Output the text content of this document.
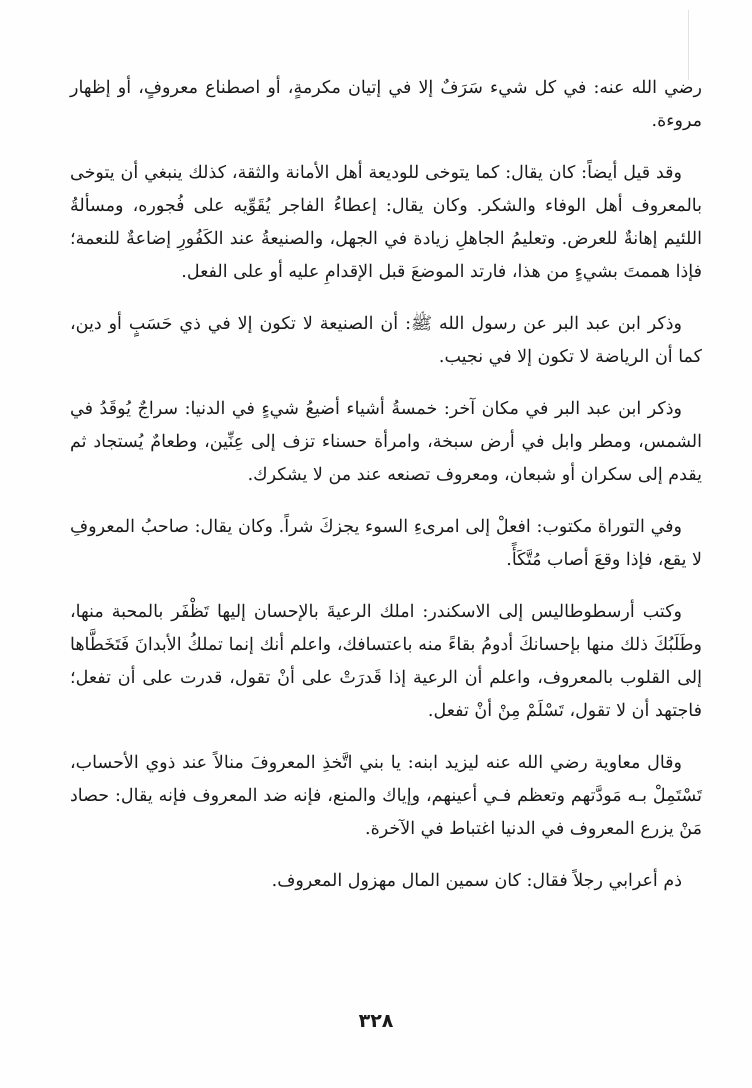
رضي الله عنه: في كل شيء سَرَفٌ إلا في إتيان مكرمةٍ، أو اصطناع معروفٍ، أو إظهار مروءة.

وقد قيل أيضاً: كان يقال: كما يتوخى للوديعة أهل الأمانة والثقة، كذلك ينبغي أن يتوخى بالمعروف أهل الوفاء والشكر. وكان يقال: إعطاءُ الفاجر يُقَوِّيه على فُجوره، ومسألةُ اللئيم إهانةٌ للعرض. وتعليمُ الجاهلِ زيادة في الجهل، والصنيعةُ عند الكَفُورِ إضاعةٌ للنعمة؛ فإذا هممتَ بشيءٍ من هذا، فارتد الموضعَ قبل الإقدامِ عليه أو على الفعل.

وذكر ابن عبد البر عن رسول الله ﷺ: أن الصنيعة لا تكون إلا في ذي حَسَبٍ أو دين، كما أن الرياضة لا تكون إلا في نجيب.

وذكر ابن عبد البر في مكان آخر: خمسةُ أشياء أضيعُ شيءٍ في الدنيا: سراجٌ يُوقَدُ في الشمس، ومطر وابل في أرض سبخة، وامرأة حسناء تزف إلى عِنِّين، وطعامٌ يُستجاد ثم يقدم إلى سكران أو شبعان، ومعروف تصنعه عند من لا يشكرك.

وفي التوراة مكتوب: افعلْ إلى امرىءِ السوء يجزكَ شراً. وكان يقال: صاحبُ المعروفِ لا يقع، فإذا وقعَ أصاب مُتَّكَأً.

وكتب أرسطوطاليس إلى الاسكندر: املك الرعيةَ بالإحسان إليها تَظْفَر بالمحبة منها، وطَلَبُكَ ذلك منها بإحسانكَ أدومُ بقاءً منه باعتسافك، واعلم أنك إنما تملكُ الأبدانَ فَتَخَطَّاها إلى القلوب بالمعروف، واعلم أن الرعية إذا قَدرَتْ على أنْ تقول، قدرت على أن تفعل؛ فاجتهد أن لا تقول، تَسْلَمْ مِنْ أنْ تفعل.

وقال معاوية رضي الله عنه ليزيد ابنه: يا بني اتَّخذِ المعروفَ منالاً عند ذوي الأحساب، تَسْتَمِلْ بـه مَودَّتهم وتعظم فـي أعينهم، وإياك والمنع، فإنه ضد المعروف فإنه يقال: حصاد مَنْ يزرع المعروف في الدنيا اغتباط في الآخرة.

ذم أعرابي رجلاً فقال: كان سمين المال مهزول المعروف.

٣٢٨
